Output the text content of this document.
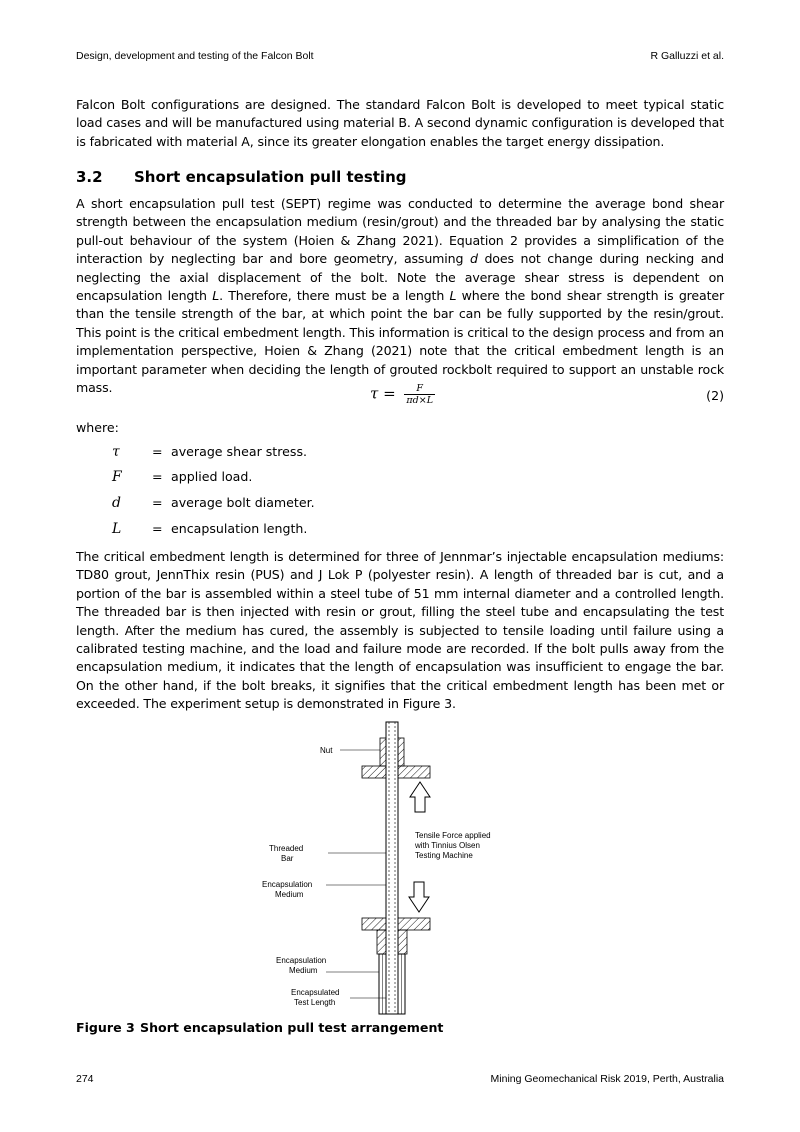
Design, development and testing of the Falcon Bolt	R Galluzzi et al.
Falcon Bolt configurations are designed. The standard Falcon Bolt is developed to meet typical static load cases and will be manufactured using material B. A second dynamic configuration is developed that is fabricated with material A, since its greater elongation enables the target energy dissipation.
3.2 Short encapsulation pull testing
A short encapsulation pull test (SEPT) regime was conducted to determine the average bond shear strength between the encapsulation medium (resin/grout) and the threaded bar by analysing the static pull-out behaviour of the system (Hoien & Zhang 2021). Equation 2 provides a simplification of the interaction by neglecting bar and bore geometry, assuming d does not change during necking and neglecting the axial displacement of the bolt. Note the average shear stress is dependent on encapsulation length L. Therefore, there must be a length L where the bond shear strength is greater than the tensile strength of the bar, at which point the bar can be fully supported by the resin/grout. This point is the critical embedment length. This information is critical to the design process and from an implementation perspective, Hoien & Zhang (2021) note that the critical embedment length is an important parameter when deciding the length of grouted rockbolt required to support an unstable rock mass.	$\tau = \frac{F}{\pi d\times L}$	(2)
where:
τ	= average shear stress.
F = applied load.
d = average bolt diameter.
L = encapsulation length.
The critical embedment length is determined for three of Jennmar’s injectable encapsulation mediums: TD80 grout, JennThix resin (PUS) and J Lok P (polyester resin). A length of threaded bar is cut, and a portion of the bar is assembled within a steel tube of 51 mm internal diameter and a controlled length. The threaded bar is then injected with resin or grout, filling the steel tube and encapsulating the test length. After the medium has cured, the assembly is subjected to tensile loading until failure using a calibrated testing machine, and the load and failure mode are recorded. If the bolt pulls away from the encapsulation medium, it indicates that the length of encapsulation was insufficient to engage the bar. On the other hand, if the bolt breaks, it signifies that the critical embedment length has been met or exceeded. The experiment setup is demonstrated in Figure 3.
Nut
Threaded
Bar
Encapsulation
Medium
Encapsulation
Medium
Encapsulated
Test Length
Tensile Force applied
with Tinnius Olsen
Testing Machine
Figure 3 Short encapsulation pull test arrangement
274	Mining Geomechanical Risk 2019, Perth, Australia
